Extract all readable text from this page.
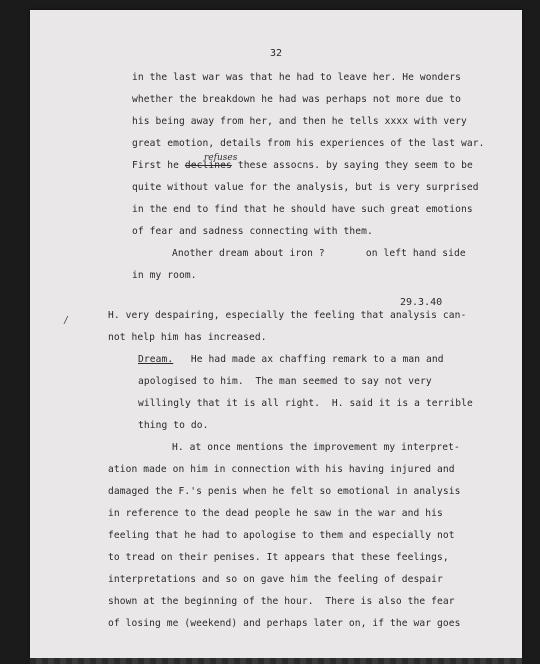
32
in the last war was that he had to leave her. He wonders
whether the breakdown he had was perhaps not more due to
his being away from her, and then he tells xxxx with very
great emotion, details from his experiences of the last war.
refuses
First he declines these assocns. by saying they seem to be
quite without value for the analysis, but is very surprised
in the end to find that he should have such great emotions
of fear and sadness connecting with them.
Another dream about iron ?       on left hand side
in my room.
29.3.40
/	H. very despairing, especially the feeling that analysis can-
not help him has increased.
Dream. He had made ax chaffing remark to a man and
apologised to him.  The man seemed to say not very
willingly that it is all right.  H. said it is a terrible
thing to do.
H. at once mentions the improvement my interpret-
ation made on him in connection with his having injured and
damaged the F.'s penis when he felt so emotional in analysis
in reference to the dead people he saw in the war and his
feeling that he had to apologise to them and especially not
to tread on their penises. It appears that these feelings,
interpretations and so on gave him the feeling of despair
shown at the beginning of the hour.  There is also the fear
of losing me (weekend) and perhaps later on, if the war goes
